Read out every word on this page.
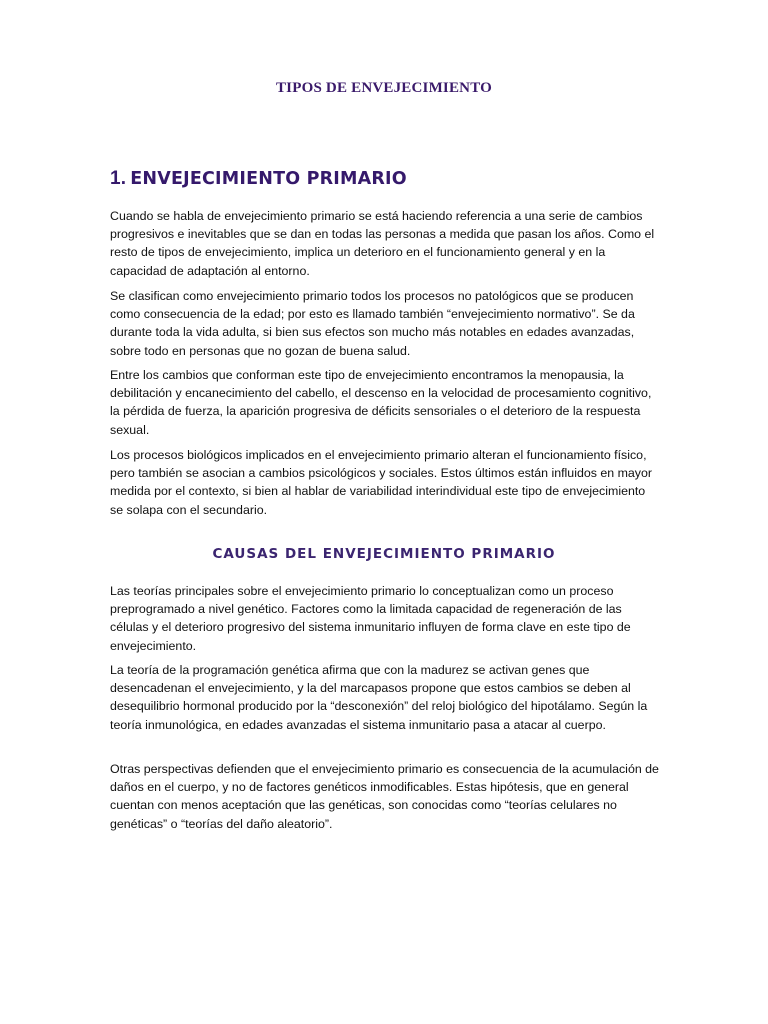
TIPOS DE ENVEJECIMIENTO
1. ENVEJECIMIENTO PRIMARIO

Cuando se habla de envejecimiento primario se está haciendo referencia a una serie de cambios progresivos e inevitables que se dan en todas las personas a medida que pasan los años. Como el resto de tipos de envejecimiento, implica un deterioro en el funcionamiento general y en la capacidad de adaptación al entorno.

Se clasifican como envejecimiento primario todos los procesos no patológicos que se producen como consecuencia de la edad; por esto es llamado también “envejecimiento normativo”. Se da durante toda la vida adulta, si bien sus efectos son mucho más notables en edades avanzadas, sobre todo en personas que no gozan de buena salud.

Entre los cambios que conforman este tipo de envejecimiento encontramos la menopausia, la debilitación y encanecimiento del cabello, el descenso en la velocidad de procesamiento cognitivo, la pérdida de fuerza, la aparición progresiva de déficits sensoriales o el deterioro de la respuesta sexual.

Los procesos biológicos implicados en el envejecimiento primario alteran el funcionamiento físico, pero también se asocian a cambios psicológicos y sociales. Estos últimos están influidos en mayor medida por el contexto, si bien al hablar de variabilidad interindividual este tipo de envejecimiento se solapa con el secundario.

CAUSAS DEL ENVEJECIMIENTO PRIMARIO

Las teorías principales sobre el envejecimiento primario lo conceptualizan como un proceso preprogramado a nivel genético. Factores como la limitada capacidad de regeneración de las células y el deterioro progresivo del sistema inmunitario influyen de forma clave en este tipo de envejecimiento.

La teoría de la programación genética afirma que con la madurez se activan genes que desencadenan el envejecimiento, y la del marcapasos propone que estos cambios se deben al desequilibrio hormonal producido por la “desconexión” del reloj biológico del hipotálamo. Según la teoría inmunológica, en edades avanzadas el sistema inmunitario pasa a atacar al cuerpo.

Otras perspectivas defienden que el envejecimiento primario es consecuencia de la acumulación de daños en el cuerpo, y no de factores genéticos inmodificables. Estas hipótesis, que en general cuentan con menos aceptación que las genéticas, son conocidas como “teorías celulares no genéticas” o “teorías del daño aleatorio”.
